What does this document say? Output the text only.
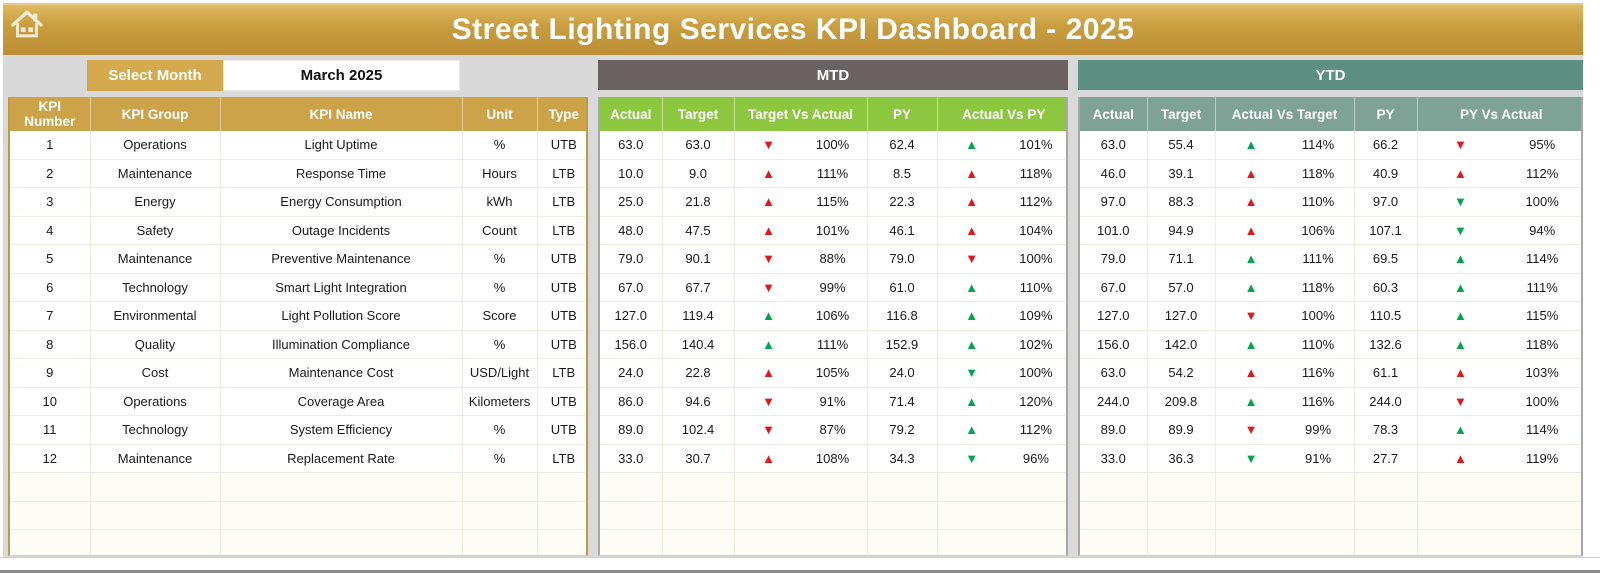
Street Lighting Services KPI Dashboard - 2025
Select Month	March 2025	MTD	YTD
KPI Number	KPI Group	KPI Name	Unit	Type
1	Operations	Light Uptime	%	UTB
2	Maintenance	Response Time	Hours	LTB
3	Energy	Energy Consumption	kWh	LTB
4	Safety	Outage Incidents	Count	LTB
5	Maintenance	Preventive Maintenance	%	UTB
6	Technology	Smart Light Integration	%	UTB
7	Environmental	Light Pollution Score	Score	UTB
8	Quality	Illumination Compliance	%	UTB
9	Cost	Maintenance Cost	USD/Light	LTB
10	Operations	Coverage Area	Kilometers	UTB
11	Technology	System Efficiency	%	UTB
12	Maintenance	Replacement Rate	%	LTB

Actual	Target	Target Vs Actual	PY	Actual Vs PY
63.0	63.0	▼ 100%	62.4	▲ 101%

10.0	9.0	▲ 111%	8.5	▲ 118%

25.0	21.8	▲ 115%	22.3	▲ 112%

48.0	47.5	▲ 101%	46.1	▲ 104%

79.0	90.1	▼ 88%	79.0	▼ 100%

67.0	67.7	▼ 99%	61.0	▲ 110%

127.0	119.4	▲ 106%	116.8	▲ 109%

156.0	140.4	▲ 111%	152.9	▲ 102%

24.0	22.8	▲ 105%	24.0	▼ 100%

86.0	94.6	▼ 91%	71.4	▲ 120%

89.0	102.4	▼ 87%	79.2	▲ 112%

33.0	30.7	▲ 108%	34.3	▼ 96%

Actual	Target	Actual Vs Target	PY	PY Vs Actual
63.0	55.4	▲ 114%	66.2	▼ 95%

46.0	39.1	▲ 118%	40.9	▲ 112%

97.0	88.3	▲ 110%	97.0	▼ 100%

101.0	94.9	▲ 106%	107.1	▼ 94%

79.0	71.1	▲ 111%	69.5	▲ 114%

67.0	57.0	▲ 118%	60.3	▲ 111%

127.0	127.0	▼ 100%	110.5	▲ 115%

156.0	142.0	▲ 110%	132.6	▲ 118%

63.0	54.2	▲ 116%	61.1	▲ 103%

244.0	209.8	▲ 116%	244.0	▼ 100%

89.0	89.9	▼ 99%	78.3	▲ 114%

33.0	36.3	▼ 91%	27.7	▲ 119%
